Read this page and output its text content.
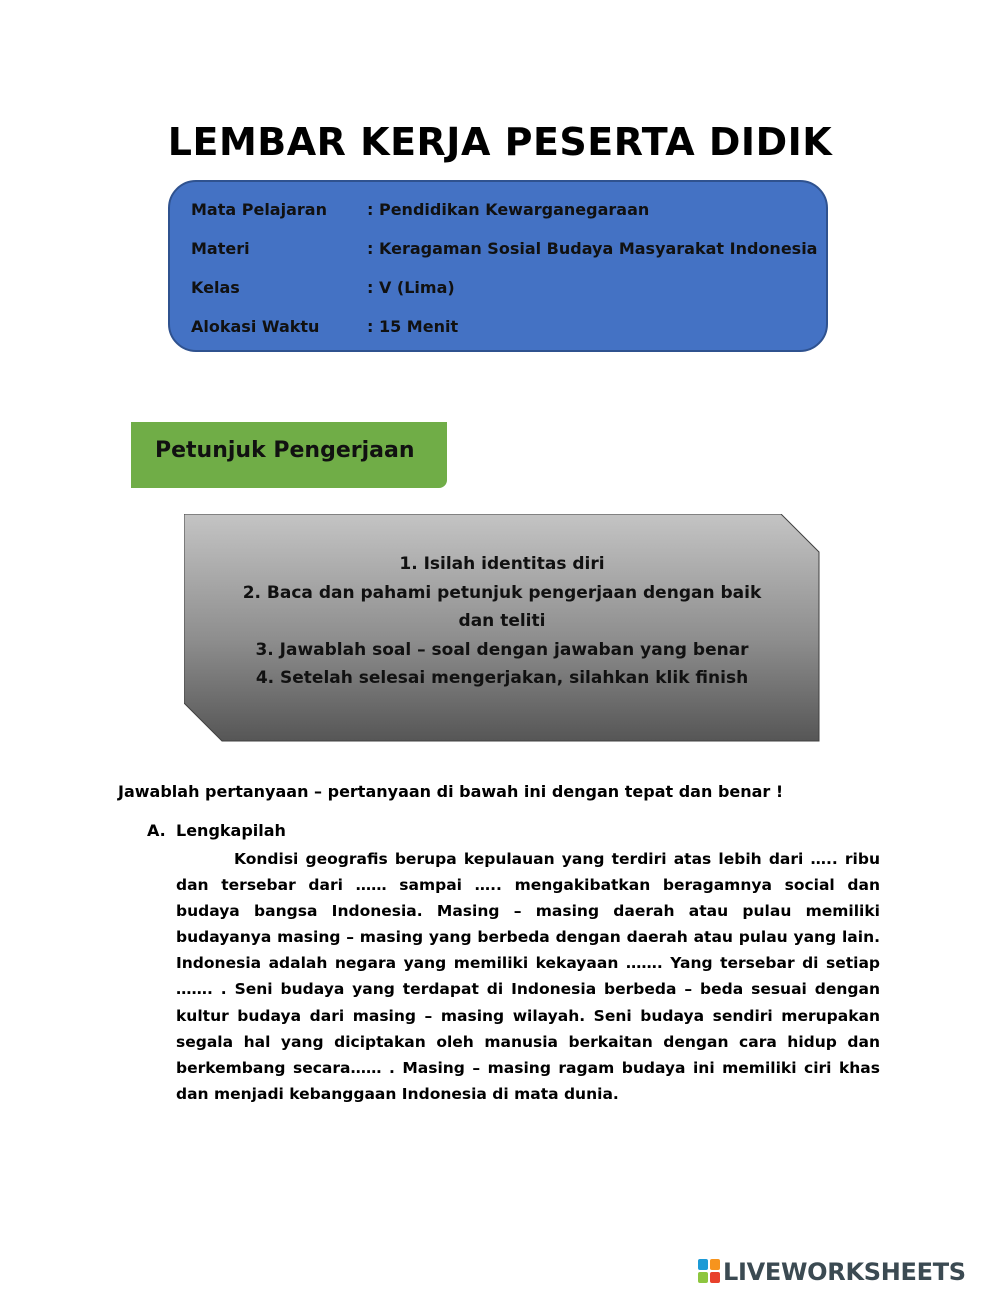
LEMBAR KERJA PESERTA DIDIK
Mata Pelajaran	: Pendidikan Kewarganegaraan
Materi	: Keragaman Sosial Budaya Masyarakat Indonesia
Kelas	: V (Lima)
Alokasi Waktu	: 15 Menit
Petunjuk Pengerjaan
1. Isilah identitas diri
2. Baca dan pahami petunjuk pengerjaan dengan baik dan teliti
3. Jawablah soal – soal dengan jawaban yang benar
4. Setelah selesai mengerjakan, silahkan klik finish
Jawablah pertanyaan – pertanyaan di bawah ini dengan tepat dan benar !
A. Lengkapilah

Kondisi geografis berupa kepulauan yang terdiri atas lebih dari ….. ribu dan tersebar dari …… sampai ….. mengakibatkan beragamnya social dan budaya bangsa Indonesia. Masing – masing daerah atau pulau memiliki budayanya masing – masing yang berbeda dengan daerah atau pulau yang lain. Indonesia adalah negara yang memiliki kekayaan ……. Yang tersebar di setiap ……. . Seni budaya yang terdapat di Indonesia berbeda – beda sesuai dengan kultur budaya dari masing – masing wilayah. Seni budaya sendiri merupakan segala hal yang diciptakan oleh manusia berkaitan dengan cara hidup dan berkembang secara…… . Masing – masing ragam budaya ini memiliki ciri khas dan menjadi kebanggaan Indonesia di mata dunia.

LIVEWORKSHEETS
